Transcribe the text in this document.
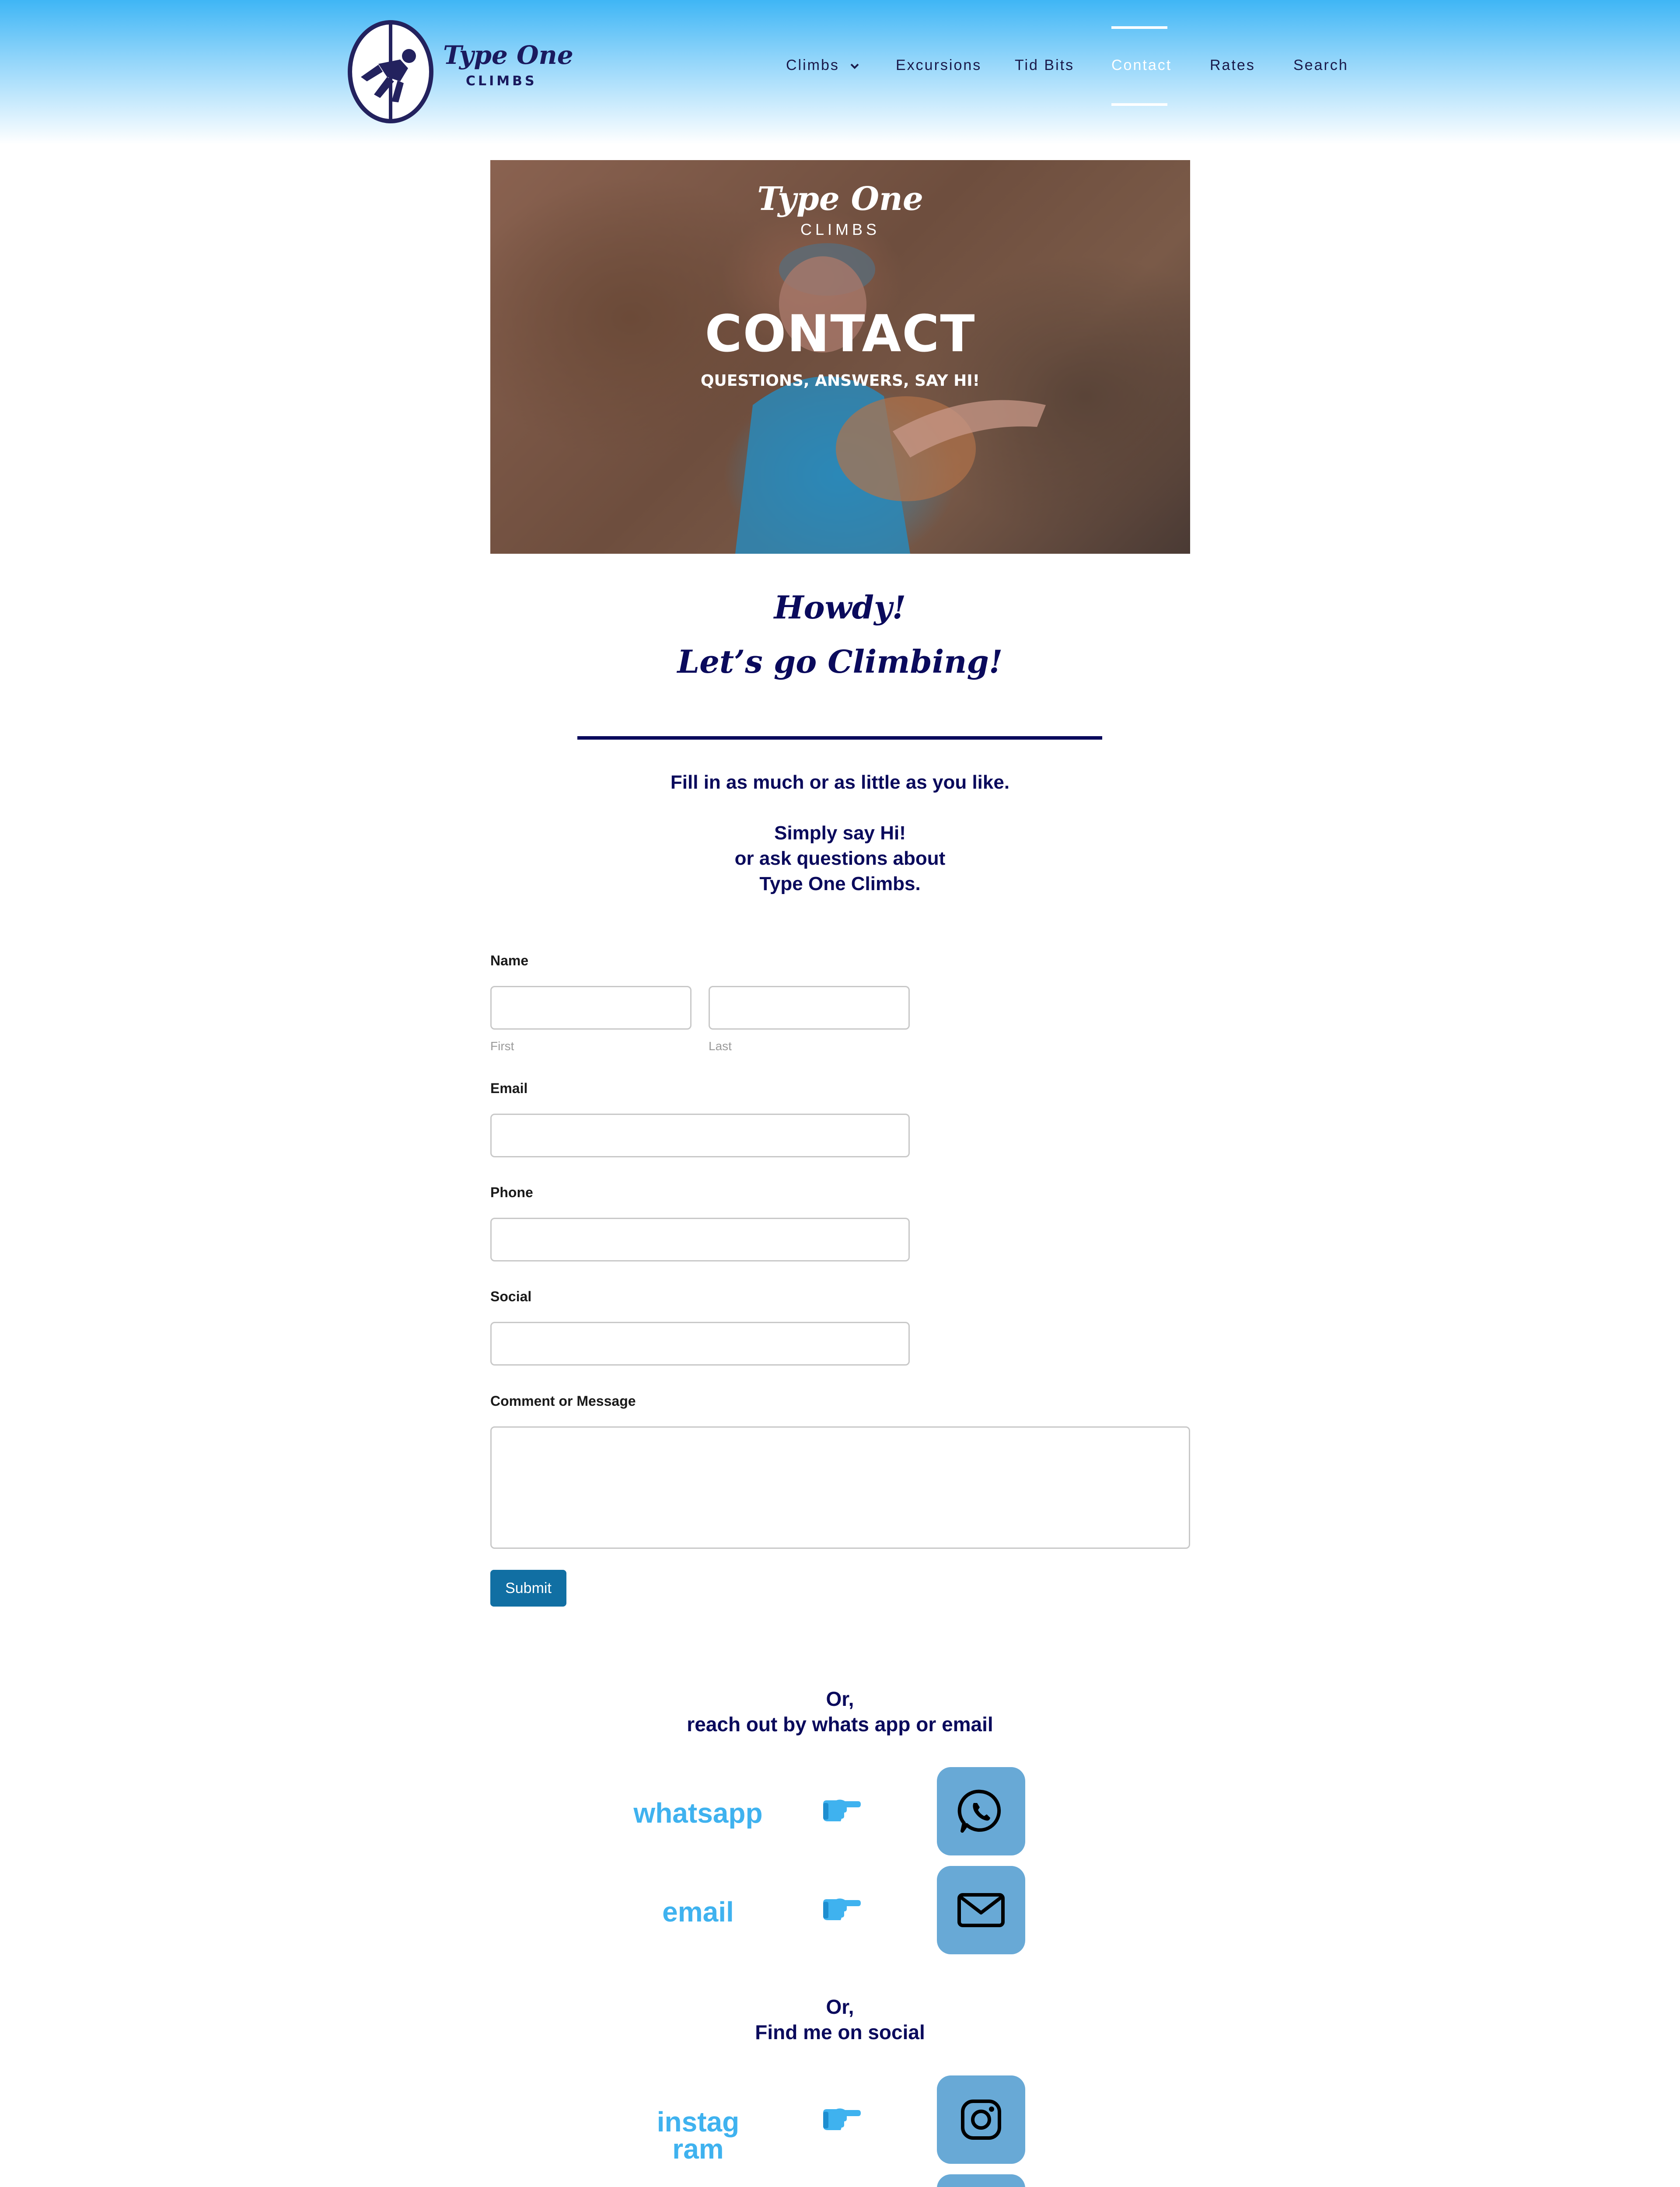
Type One
CLIMBS
Climbs	Excursions Tid Bits Contact	Rates	Search
Type One
CLIMBS
CONTACT
QUESTIONS, ANSWERS, SAY HI!
Howdy!
Let’s go Climbing!
Fill in as much or as little as you like.
Simply say Hi!
or ask questions about
Type One Climbs.
Name
First	Last
Email
Phone
Social
Comment or Message
Submit
Or,
reach out by whats app or email
whatsapp
email
Or,
Find me on social
instag
ram
